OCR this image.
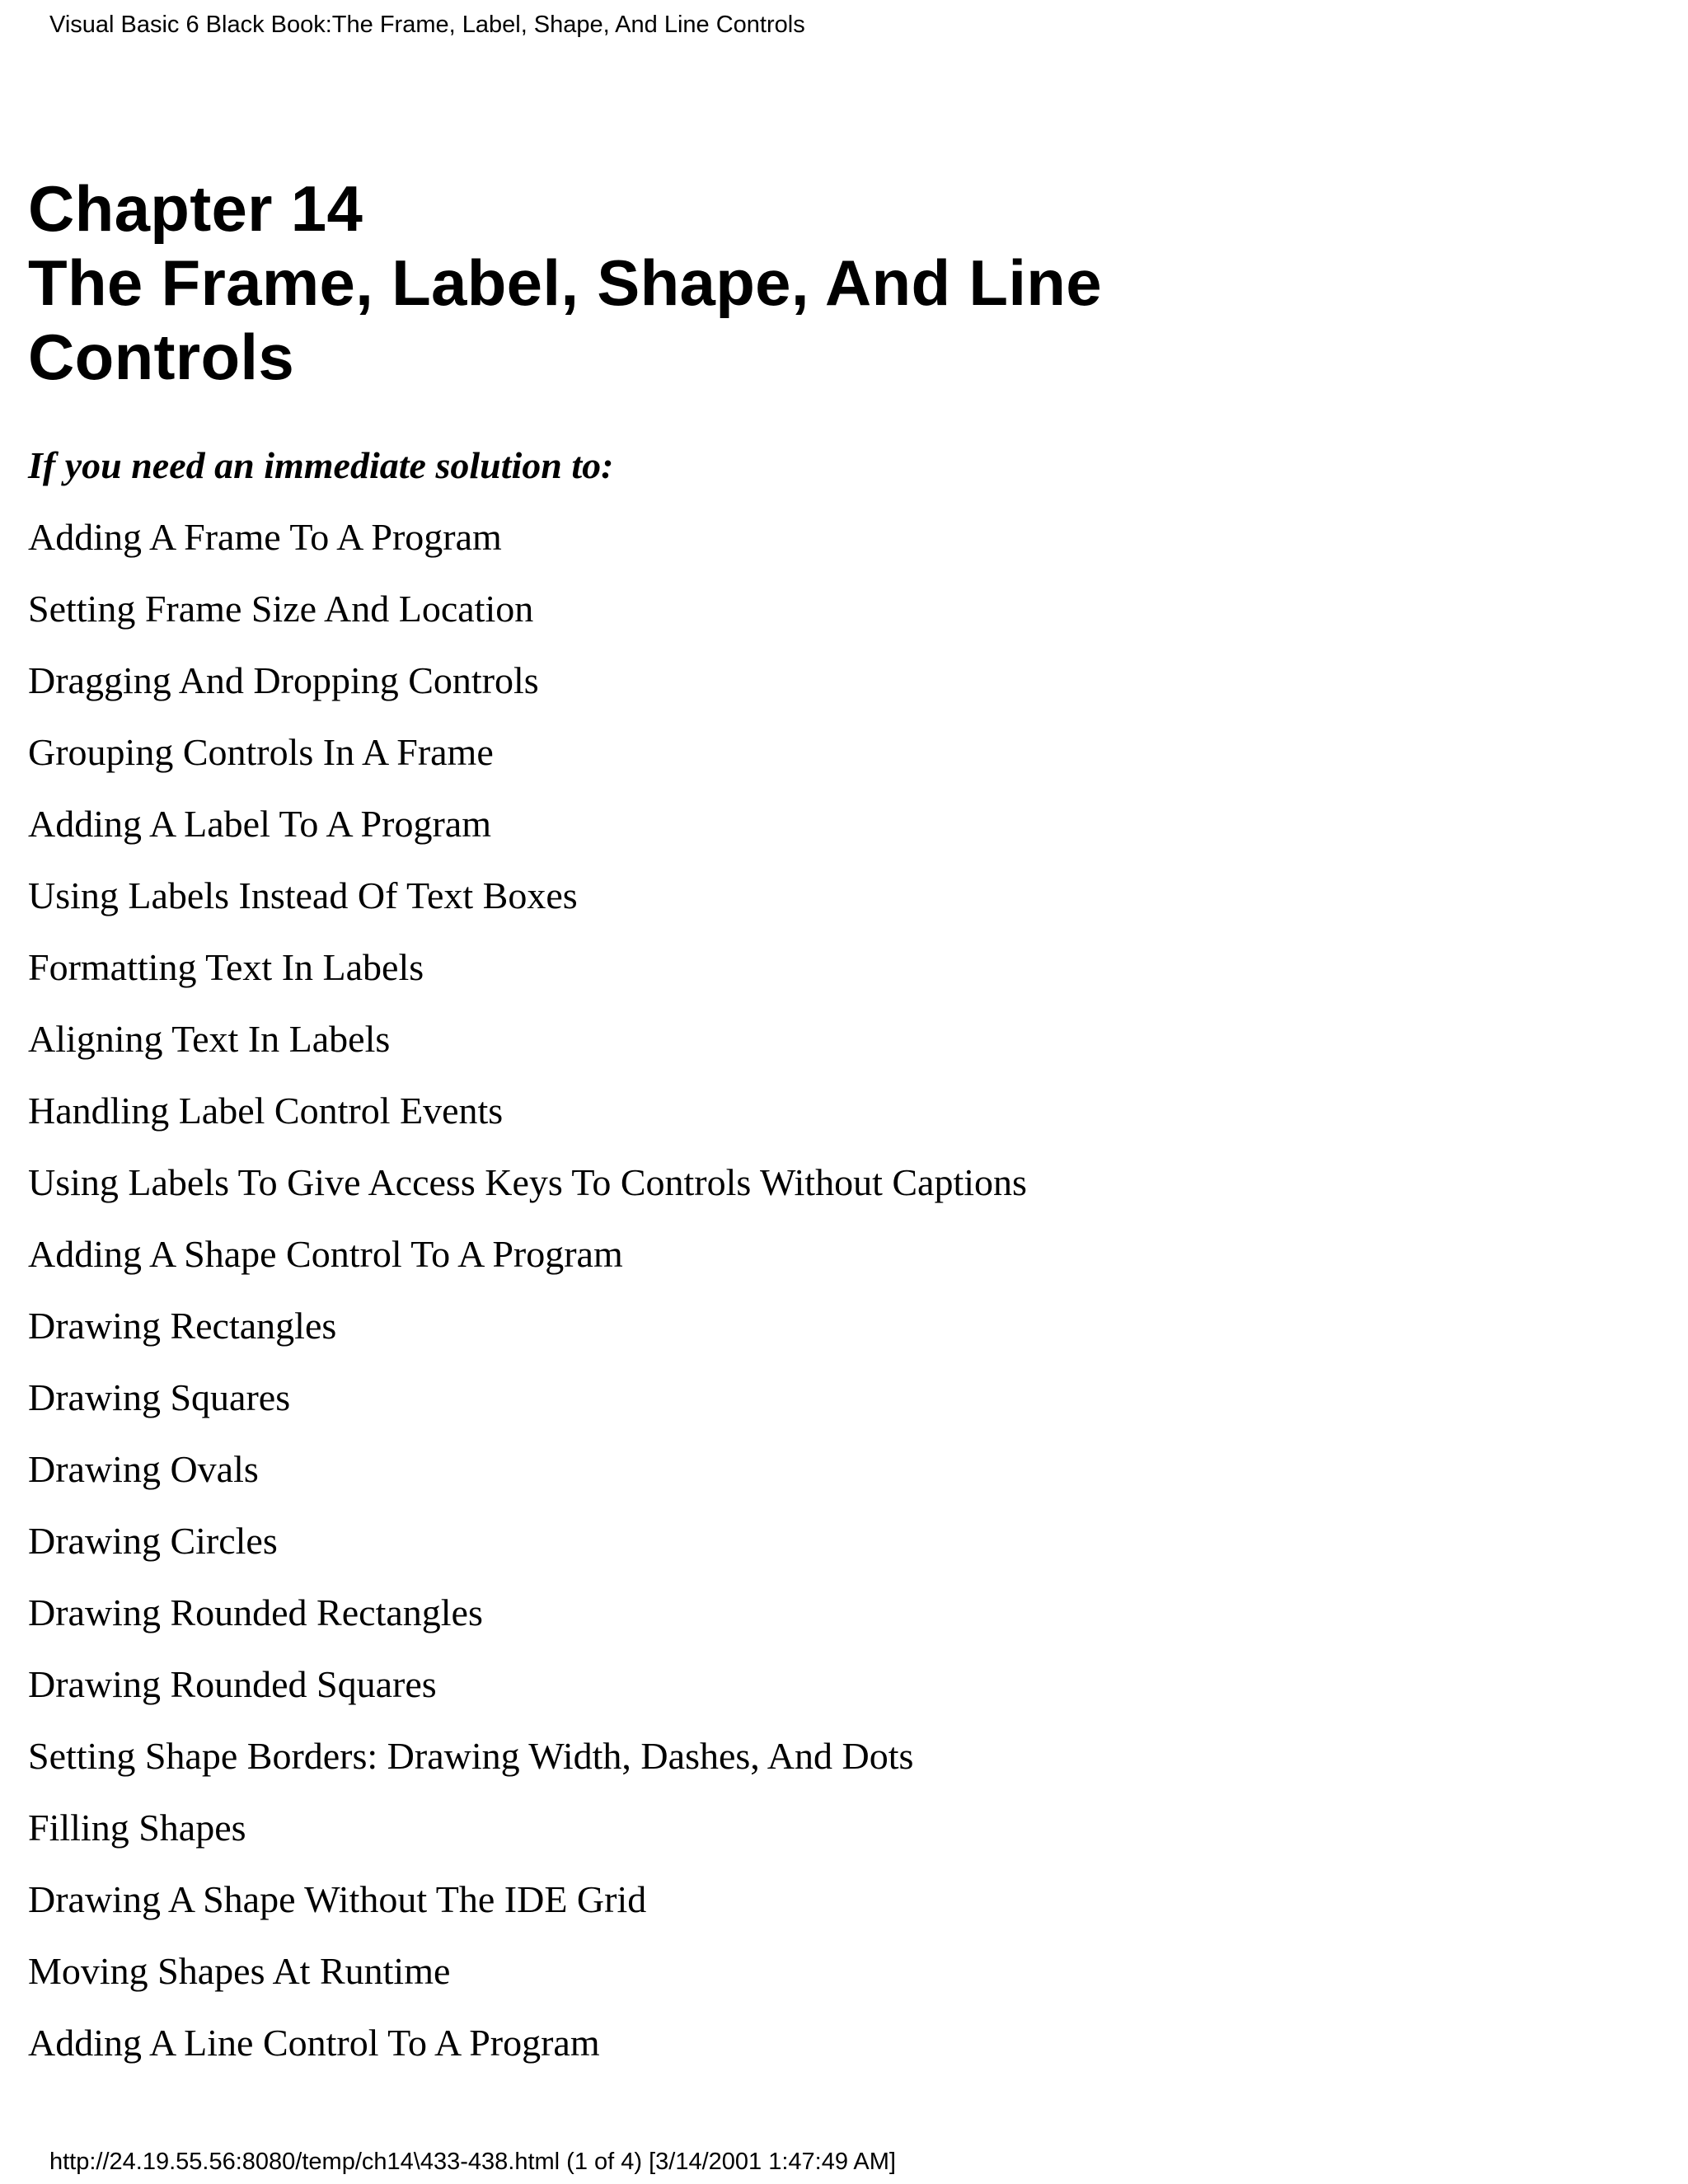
Visual Basic 6 Black Book:The Frame, Label, Shape, And Line Controls
Chapter 14
The Frame, Label, Shape, And Line
Controls

If you need an immediate solution to:

Adding A Frame To A Program
Setting Frame Size And Location
Dragging And Dropping Controls
Grouping Controls In A Frame
Adding A Label To A Program
Using Labels Instead Of Text Boxes
Formatting Text In Labels
Aligning Text In Labels
Handling Label Control Events
Using Labels To Give Access Keys To Controls Without Captions
Adding A Shape Control To A Program
Drawing Rectangles
Drawing Squares
Drawing Ovals
Drawing Circles
Drawing Rounded Rectangles
Drawing Rounded Squares
Setting Shape Borders: Drawing Width, Dashes, And Dots
Filling Shapes
Drawing A Shape Without The IDE Grid
Moving Shapes At Runtime
Adding A Line Control To A Program
http://24.19.55.56:8080/temp/ch14\433-438.html (1 of 4) [3/14/2001 1:47:49 AM]
